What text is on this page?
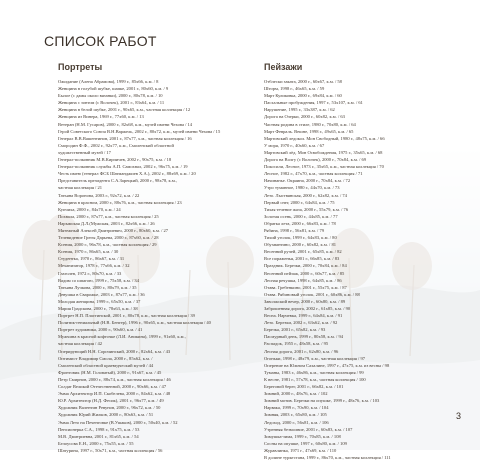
СПИСОК РАБОТ
Портреты
Ожидание (Алена Абрамова), 1999 г., 85х66, к.м. / 8
Женщина в голубой шубке, шапке, 2001 г., 80х60, к.м. / 9
Былое (с дамы около вязанки), 2000 г., 80х78, к.м. / 10
Женщина с зонтом (с Волочек), 2001 г., 83х64, к.м. / 11
Женщина в белой шубке, 2001 г., 90х65, к.м., частная коллекция / 12
Женщина из Винера, 1969 г., 77х60, к.м. / 13
Ветеран (Н.М. Гусаров), 2000 г., 82х68, к.м., музей имени Чехова / 14
Герой Советского Союза В.Н.Варжель, 2002 г., 80х72, к.м., музей имени Чехова / 15
Генерал В.В.Вашентинов, 2001 г., 87х77, х.м., частная коллекция / 16
Смородин Ф.Ф., 2002 г., 92х77, к.м., Смоленский областной
художественный музей / 17
Генерал-полковник М.В.Кирпичев, 2002 г., 90х75, к.м. / 18
Генерал-полковник службы А.П. Самохвал, 2002 г., 96х75, к.м. / 19
Честь имею (генерал ФСБ Шатманджиев Х.А.), 2002 г., 88х69, к.м. / 20
Представитель президента С.А.Зарецкий, 2000 г., 98х78, к.м.,
частная коллекция / 21
Татьяна Воронова, 2003 г., 92х72, к.м. / 22
Женщина в красном, 2000 г., 88х76, к.м., частная коллекция / 23
Купчиха, 2000 г., 84х70, к.м. / 24
Похвала, 2000 г., 87х77, к.м., частная коллекция / 25
Нарымская Д.Л.(Мужская, 2003 г., 82х66, к.м. / 26
Мятежный Алексей Дмитриевич, 2000 г., 80х60, к.м. / 27
Телевидение Грегы Дарьева, 2000 г., 87х60, к.м. / 28
Ксения, 2000 г., 96х78, к.м., частная коллекция / 29
Ксения, 1970 г., 86х65, к.м. / 30
Студентка, 1970 г., 86х67, к.м. / 31
Механизатор, 1978 г., 77х66, к.м. / 32
Глаголев, 1972 г., 80х70, к.м. / 33
Вадим со шпагою, 1999 г., 75х58, к.м. / 34
Татьяна Лучкова, 2000 г., 80х79, к.м. / 35
Девушка в Сварожье, 2003 г., 87х77, к.м. / 36
Молодая женщина, 1999 г., 65х50, к.м. / 37
Мария Градскова, 2000 г., 78х63, к.м. / 38
Портрет Н.П. Пластинской, 2001 г., 80х78, к.м., частная коллекция / 39
Политик-гениальный (Н.В. Бенгер), 1996 г., 90х65, к.м., частная коллекция / 40
Портрет художника, 2000 г., 90х60, к.м. / 41
Мужчина в красной кофточке (Л.И. Аникина), 1999 г., 91х60, к.м.,
частная коллекция / 42
Оперирующий Н.Н. Сорочинский, 2000 г., 82х64, к.м. / 43
Оптимист Владимир Смола, 2000 г., 85х62, к.м. /
Смоленский областной краеведческий музей / 44
Фронтовик (Н.М. Головатый), 2000 г., 91х67, к.м. / 45
Петр Смирнов, 2000 г., 88х74, к.м., частная коллекция / 46
Солдат Великой Отечественной, 2000 г., 90х66, к.м. / 47
Эмма Архитектор И.П. Скобелева, 2000 г., 84х62, к.м. / 48
Ю.Р. Архитектор (Н.Д. Фесик), 2001 г., 96х77, к.м. / 49
Художник Валентин Ревунов, 2000 г., 96х72, к.м. / 50
Художник Юрий Жилков, 2000 г., 80х63, к.м. / 51
Эмма Лето на Печенговке (В.Ушаков), 2000 г., 50х40, к.м. / 52
Пенсионерка С.А., 1998 г., 91х75, к.м. / 53
М.В. Дмитриевна, 2001 г., 81х65, к.м. / 54
Белоусова Е.Н., 2000 г., 75х55, к.м. / 55
Шатурина, 1997 г., 50х71, к.м., частная коллекция / 56
Пейзажи
Отблески заката, 2000 г., 60х67, к.м. / 58
Шторм, 1998 г., 46х65, к.м. / 59
Март Куликовка, 2000 г., 69х84, к.м. / 60
Пасхальные пробуждения, 1997 г., 53х107, к.м. / 61
Нарушение, 1995 г., 33х387, к.м. / 62
Дорога на Озерки, 2000 г., 60х82, к.м. / 63
Частная родина в стиле, 1980 г., 70х80, к.м. / 64
Март Февраль. Вешне, 1998 г., 49х65, к.м. / 65
Мартовский ледокол. Мон Свободный, 1980 г., 48х75, к.м. / 66
У моря, 1970 г., 40х60, к.м. / 67
Мартовский лёд. Мон Освобождения, 1975 г., 35х65, к.м. / 68
Дорога на Волгу (с Волочек), 2000 г., 70х84, к.м. / 69
Покосили, Лесное, 1973 г., 35х65, к.м., частная коллекция / 70
Лесное, 1982 г., 47х70, к.м., частная коллекция / 71
Начинанье. Окраина, 2000 г., 70х84, к.м. / 72
Утро туманное, 1980 г., 44х70, к.м. / 73
Лето. Лыствянская, 2000 г., 62х82, к.м. / 74
Первый снег, 2000 г., 64х84, к.м. / 75
Тихая течение жаза, 2000 г., 55х79, к.м. / 76
Золотая осень, 2000 г., 44х85, к.м. / 77
Обратка лета, 2000 г., 66х83, к.м. / 78
Рябина, 1998 г., 56х81, к.м. / 79
Тихий уголок, 1999 г., 64х83, к.м. / 80
Обухвантино, 2000 г., 60х82, к.м. / 81
Весенний ручей, 2001 г., 65х85, к.м. / 82
Все пораженья, 2001 г., 66х85, к.м. / 83
Праздник. Березки, 2000 г., 70х84, к.м. / 84
Весенний пейзаж, 2000 г., 60х77, к.м. / 85
Лесная речушка, 1998 г., 64х85, к.м. / 86
Отава. Гребенкино, 2001 г., 55х75, к.м. / 87
Отава. Рябиновый уголок, 2001 г., 60х86, к.м. / 88
Заволжский вечер, 2000 г., 60х80, к.м. / 89
Заброшенная дорога, 2002 г., 61х85, к.м. / 90
Весна. Нарчевка, 1999 г., 64х84, к.м. / 91
Лето. Березки, 2002 г., 63х62, к.м. / 92
Березка, 2001 г., 65х82, к.м. / 93
Пасмурный день, 1999 г., 80х58, к.м. / 94
Распадок, 1955 г., 48х58, к.м. / 95
Лесная дорога, 2001 г., 62х80, к.м. / 96
Огоньки, 1998 г., 48х79, к.м., частная коллекция / 97
Оперение на Южном Сахалине, 1997 г., 47х75, к.м. из весны / 98
Туманы, 1983 г., 46х86, к.м., частная коллекция / 99
К весне, 1981 г., 57х78, к.м., частная коллекция / 100
Береговой берег, 2001 г., 66х82, к.м. / 101
Зимний, 2000 г., 48х76, к.м. / 102
Зимний мотив. Березки на опушке, 1999 г., 48х76, к.м. / 103
Нарвака, 1999 г., 70х90, к.м. / 104
Зимняя, 2003 г., 65х80, к.м. / 105
Ледоход, 2000 г., 56х81, к.м. / 106
Утренняя безмолвие, 2001 г., 60х83, к.м. / 107
Зимушка-зима, 1999 г., 70х85, к.м. / 108
Сосны на опушке, 1997 г., 60х80, к.м. / 109
Журавлинка, 1971 г., 47х69, к.м. / 110
В долине туркестана, 1999 г., 86х70, к.м., частная коллекция / 111
3
